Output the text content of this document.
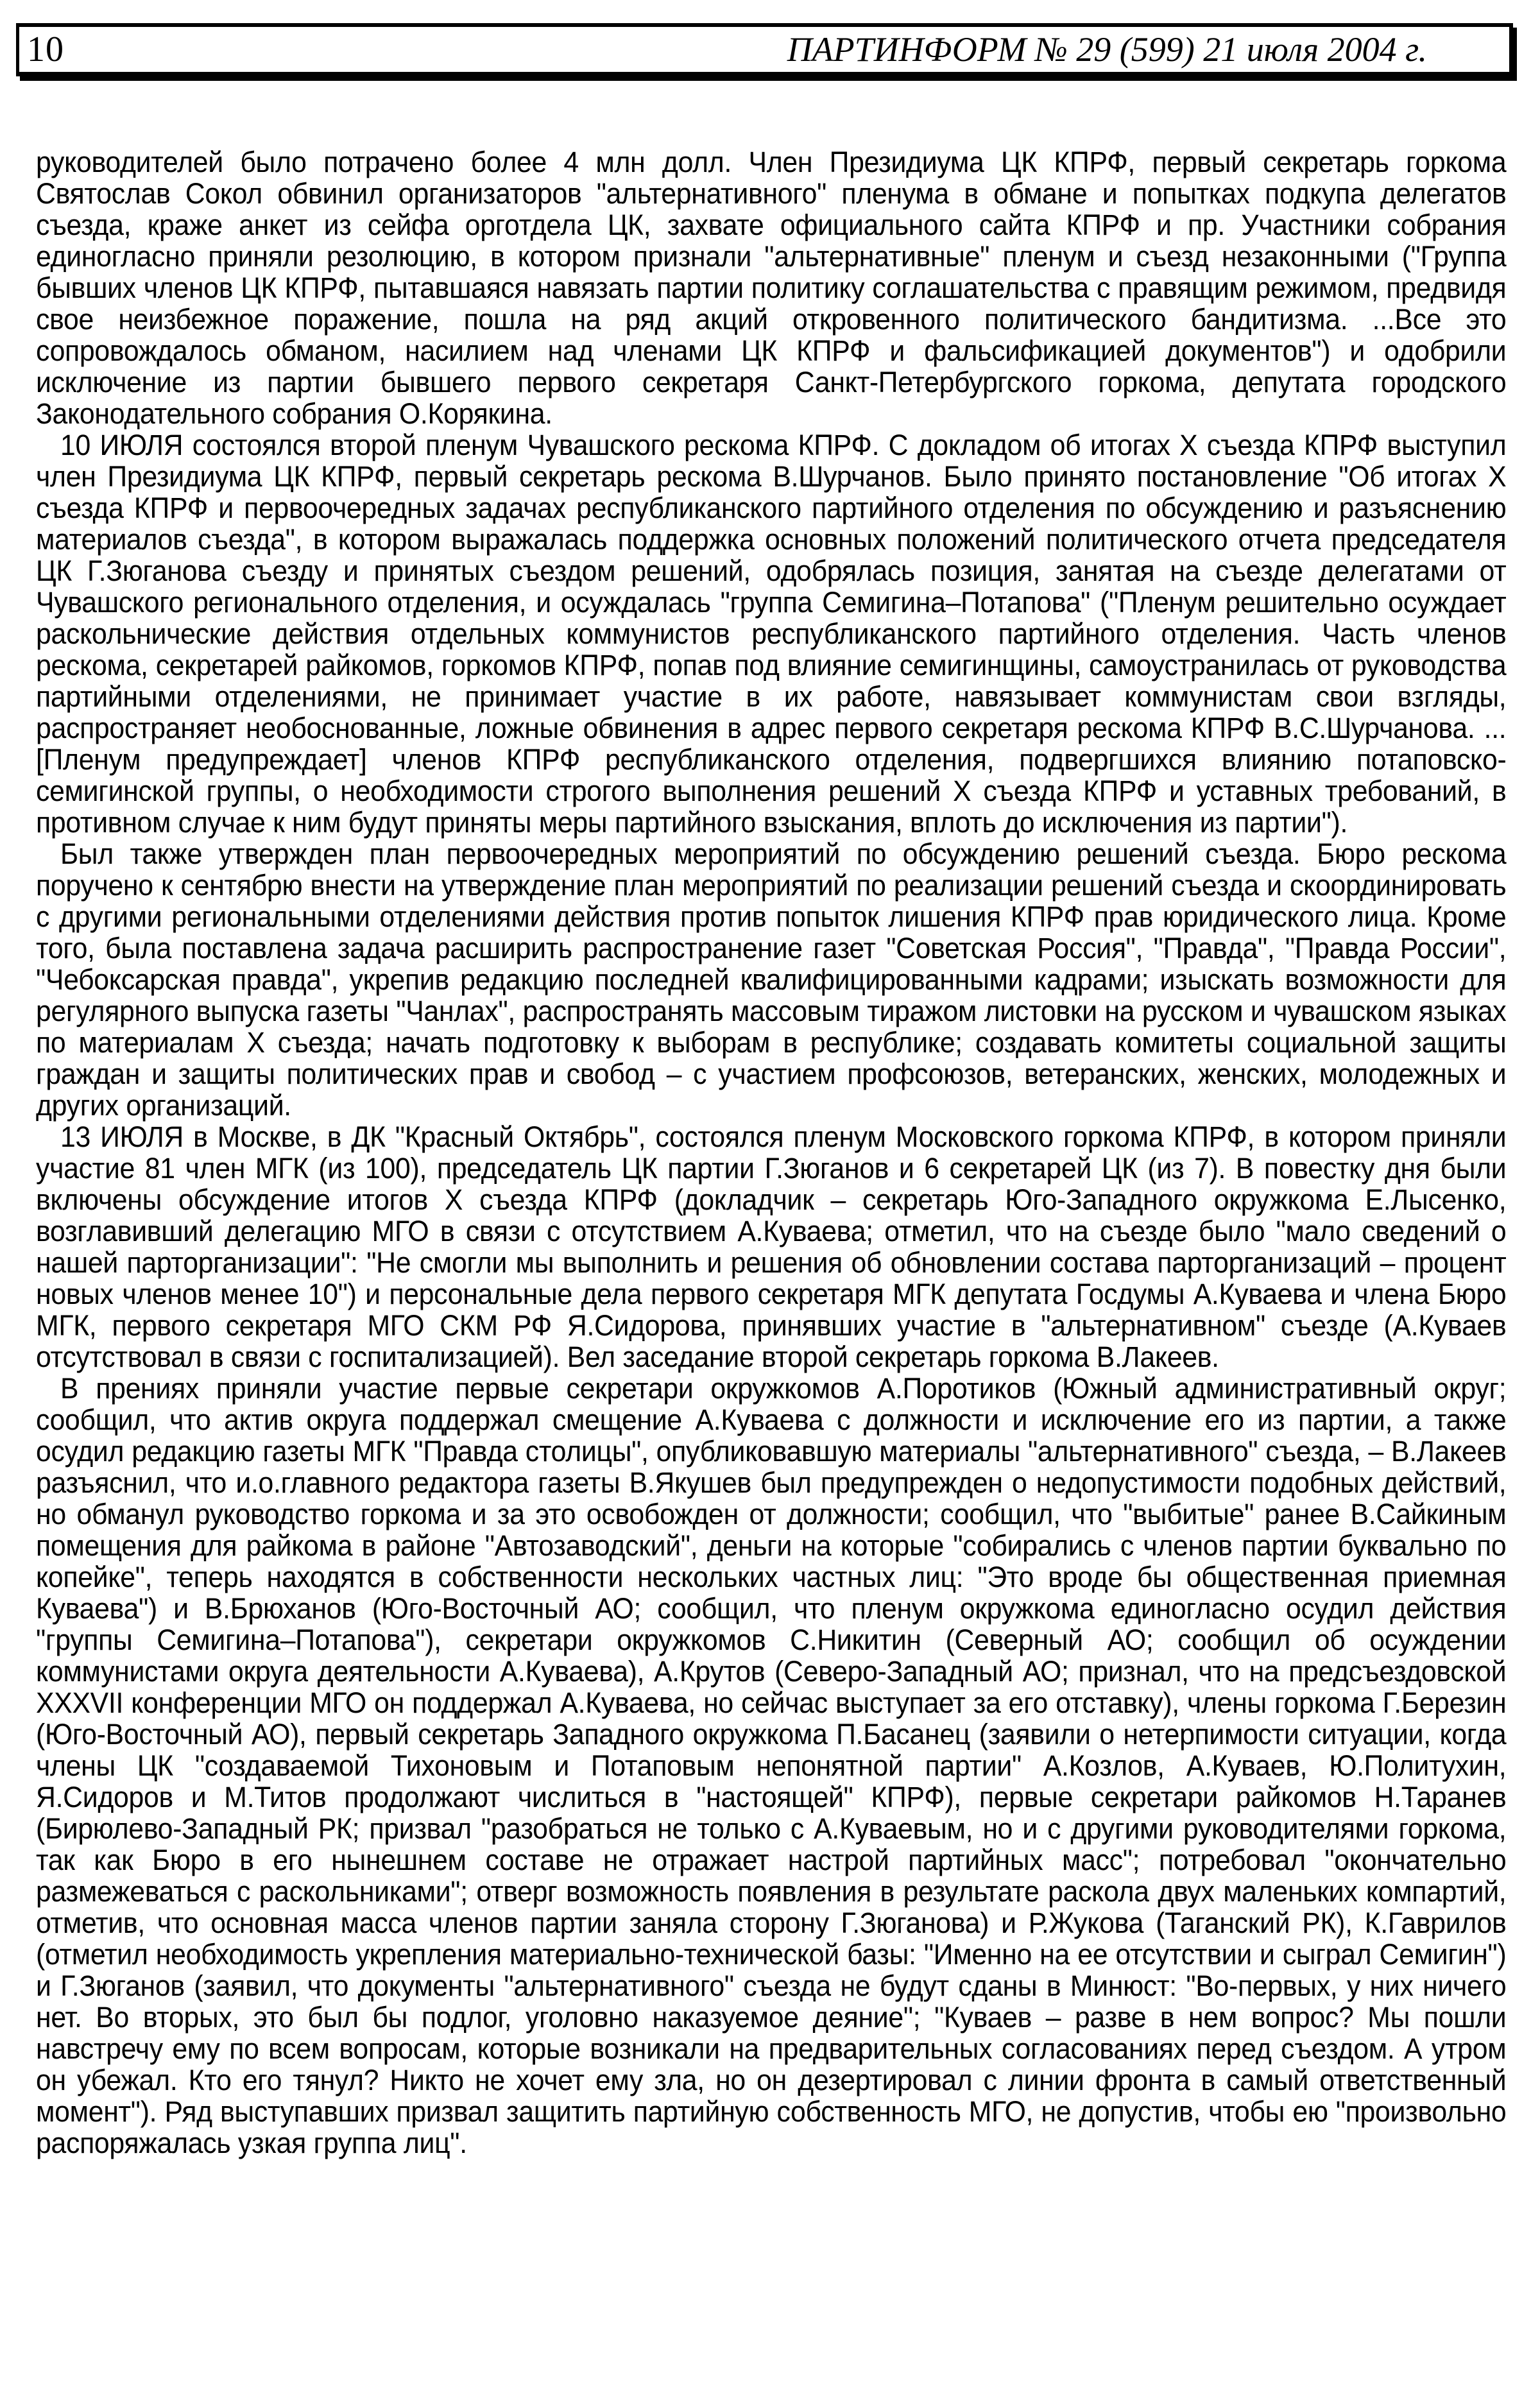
10	ПАРТИНФОРМ № 29 (599) 21 июля 2004 г.

руководителей было потрачено более 4 млн долл. Член Президиума ЦК КПРФ, первый секретарь горкома Святослав Сокол обвинил организаторов "альтернативного" пленума в обмане и попытках подкупа делегатов съезда, краже анкет из сейфа орготдела ЦК, захвате официального сайта КПРФ и пр. Участники собрания единогласно приняли резолюцию, в котором признали "альтернативные" пленум и съезд незаконными ("Группа бывших членов ЦК КПРФ, пытавшаяся навязать партии политику соглашательства с правящим режимом, предвидя свое неизбежное поражение, пошла на ряд акций откровенного политического бандитизма. ...Все это сопровождалось обманом, насилием над членами ЦК КПРФ и фальсификацией документов") и одобрили исключение из партии бывшего первого секретаря Санкт-Петербургского горкома, депутата городского Законодательного собрания О.Корякина.

10 ИЮЛЯ состоялся второй пленум Чувашского рескома КПРФ. С докладом об итогах X съезда КПРФ выступил член Президиума ЦК КПРФ, первый секретарь рескома В.Шурчанов. Было принято постановление "Об итогах X съезда КПРФ и первоочередных задачах республиканского партийного отделения по обсуждению и разъяснению материалов съезда", в котором выражалась поддержка основных положений политического отчета председателя ЦК Г.Зюганова съезду и принятых съездом решений, одобрялась позиция, занятая на съезде делегатами от Чувашского регионального отделения, и осуждалась "группа Семигина–Потапова" ("Пленум решительно осуждает раскольнические действия отдельных коммунистов республиканского партийного отделения. Часть членов рескома, секретарей райкомов, горкомов КПРФ, попав под влияние семигинщины, самоустранилась от руководства партийными отделениями, не принимает участие в их работе, навязывает коммунистам свои взгляды, распространяет необоснованные, ложные обвинения в адрес первого секретаря рескома КПРФ В.С.Шурчанова. ...[Пленум предупреждает] членов КПРФ республиканского отделения, подвергшихся влиянию потаповско-семигинской группы, о необходимости строгого выполнения решений X съезда КПРФ и уставных требований, в противном случае к ним будут приняты меры партийного взыскания, вплоть до исключения из партии").

Был также утвержден план первоочередных мероприятий по обсуждению решений съезда. Бюро рескома поручено к сентябрю внести на утверждение план мероприятий по реализации решений съезда и скоординировать с другими региональными отделениями действия против попыток лишения КПРФ прав юридического лица. Кроме того, была поставлена задача расширить распространение газет "Советская Россия", "Правда", "Правда России", "Чебоксарская правда", укрепив редакцию последней квалифицированными кадрами; изыскать возможности для регулярного выпуска газеты "Чанлах", распространять массовым тиражом листовки на русском и чувашском языках по материалам X съезда; начать подготовку к выборам в республике; создавать комитеты социальной защиты граждан и защиты политических прав и свобод – с участием профсоюзов, ветеранских, женских, молодежных и других организаций.

13 ИЮЛЯ в Москве, в ДК "Красный Октябрь", состоялся пленум Московского горкома КПРФ, в котором приняли участие 81 член МГК (из 100), председатель ЦК партии Г.Зюганов и 6 секретарей ЦК (из 7). В повестку дня были включены обсуждение итогов X съезда КПРФ (докладчик – секретарь Юго-Западного окружкома Е.Лысенко, возглавивший делегацию МГО в связи с отсутствием А.Куваева; отметил, что на съезде было "мало сведений о нашей парторганизации": "Не смогли мы выполнить и решения об обновлении состава парторганизаций – процент новых членов менее 10") и персональные дела первого секретаря МГК депутата Госдумы А.Куваева и члена Бюро МГК, первого секретаря МГО СКМ РФ Я.Сидорова, принявших участие в "альтернативном" съезде (А.Куваев отсутствовал в связи с госпитализацией). Вел заседание второй секретарь горкома В.Лакеев.

В прениях приняли участие первые секретари окружкомов А.Поротиков (Южный административный округ; сообщил, что актив округа поддержал смещение А.Куваева с должности и исключение его из партии, а также осудил редакцию газеты МГК "Правда столицы", опубликовавшую материалы "альтернативного" съезда, – В.Лакеев разъяснил, что и.о.главного редактора газеты В.Якушев был предупрежден о недопустимости подобных действий, но обманул руководство горкома и за это освобожден от должности; сообщил, что "выбитые" ранее В.Сайкиным помещения для райкома в районе "Автозаводский", деньги на которые "собирались с членов партии буквально по копейке", теперь находятся в собственности нескольких частных лиц: "Это вроде бы общественная приемная Куваева") и В.Брюханов (Юго-Восточный АО; сообщил, что пленум окружкома единогласно осудил действия "группы Семигина–Потапова"), секретари окружкомов С.Никитин (Северный АО; сообщил об осуждении коммунистами округа деятельности А.Куваева), А.Крутов (Северо-Западный АО; признал, что на предсъездовской XXXVII конференции МГО он поддержал А.Куваева, но сейчас выступает за его отставку), члены горкома Г.Березин (Юго-Восточный АО), первый секретарь Западного окружкома П.Басанец (заявили о нетерпимости ситуации, когда члены ЦК "создаваемой Тихоновым и Потаповым непонятной партии" А.Козлов, А.Куваев, Ю.Политухин, Я.Сидоров и М.Титов продолжают числиться в "настоящей" КПРФ), первые секретари райкомов Н.Таранев (Бирюлево-Западный РК; призвал "разобраться не только с А.Куваевым, но и с другими руководителями горкома, так как Бюро в его нынешнем составе не отражает настрой партийных масс"; потребовал "окончательно размежеваться с раскольниками"; отверг возможность появления в результате раскола двух маленьких компартий, отметив, что основная масса членов партии заняла сторону Г.Зюганова) и Р.Жукова (Таганский РК), К.Гаврилов (отметил необходимость укрепления материально-технической базы: "Именно на ее отсутствии и сыграл Семигин") и Г.Зюганов (заявил, что документы "альтернативного" съезда не будут сданы в Минюст: "Во-первых, у них ничего нет. Во вторых, это был бы подлог, уголовно наказуемое деяние"; "Куваев – разве в нем вопрос? Мы пошли навстречу ему по всем вопросам, которые возникали на предварительных согласованиях перед съездом. А утром он убежал. Кто его тянул? Никто не хочет ему зла, но он дезертировал с линии фронта в самый ответственный момент"). Ряд выступавших призвал защитить партийную собственность МГО, не допустив, чтобы ею "произвольно распоряжалась узкая группа лиц".
